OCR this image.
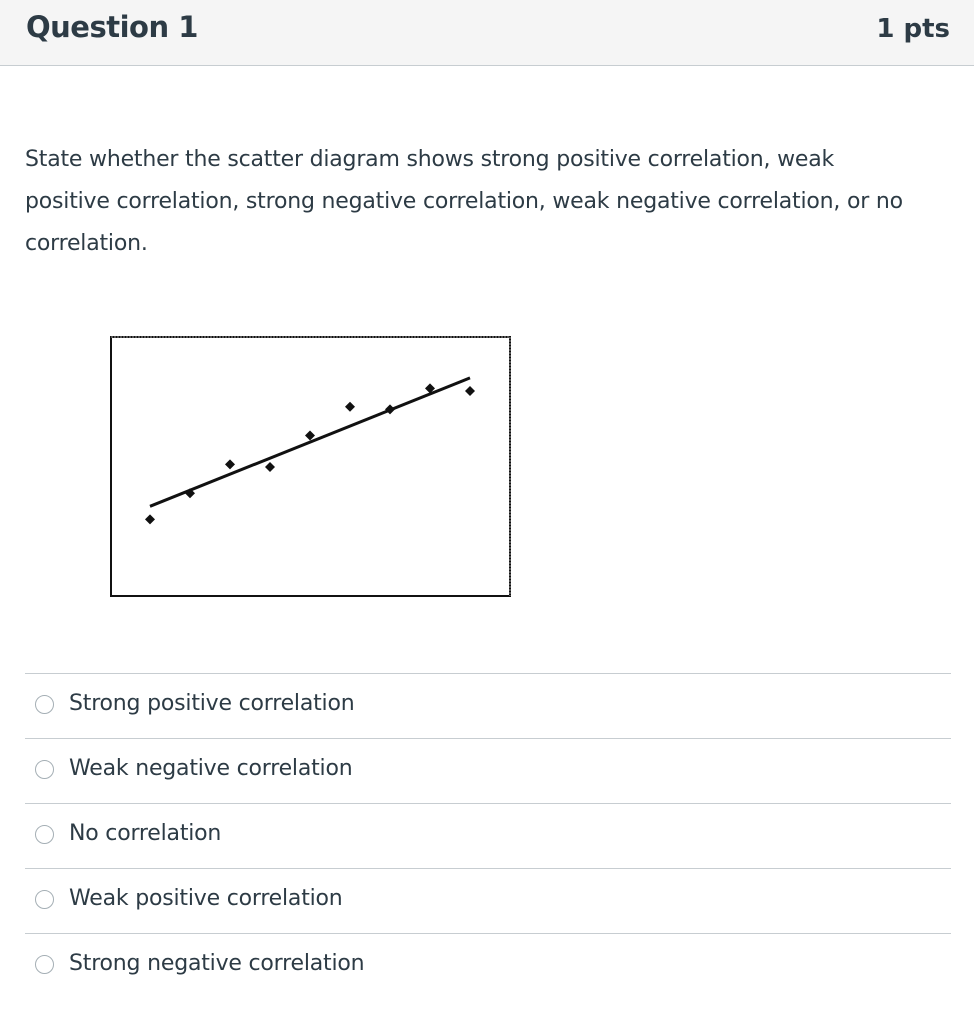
Question 1	1 pts
State whether the scatter diagram shows strong positive correlation, weak positive correlation, strong negative correlation, weak negative correlation, or no correlation.
Strong positive correlation
Weak negative correlation
No correlation
Weak positive correlation
Strong negative correlation
